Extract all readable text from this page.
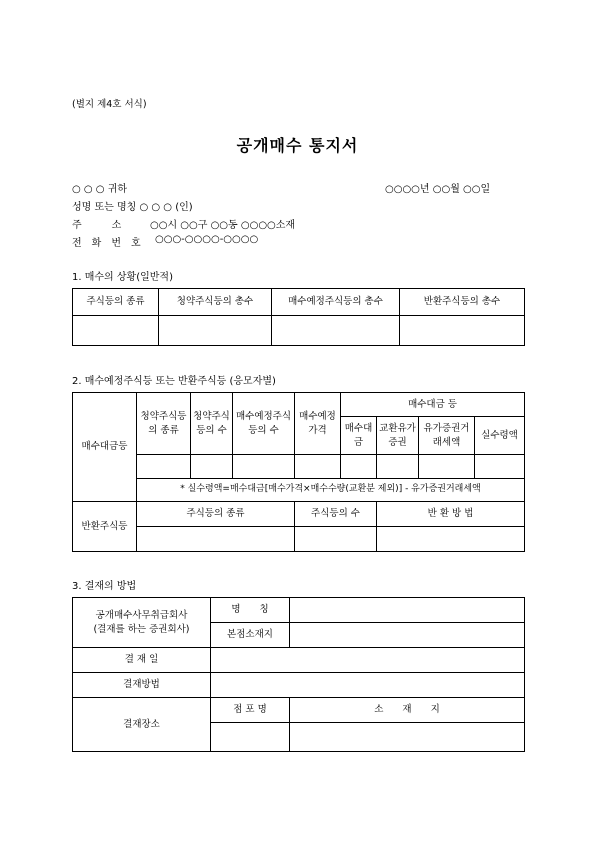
(별지 제4호 서식)
공개매수 통지서
○ ○ ○ 귀하	○○○○년 ○○월 ○○일
성명 또는 명칭 ○ ○ ○ (인)
주　　　소	○○시 ○○구 ○○동 ○○○○소재
전　화　번　호 ○○○-○○○○-○○○○
1. 매수의 상황(일반적)
주식등의 종류	청약주식등의 총수	매수예정주식등의 총수	반환주식등의 총수

2. 매수예정주식등 또는 반환주식등 (응모자별)
매수대금등	청약주식등의 종류	청약주식등의 수	매수예정주식등의 수	매수예정가격	매수대금 등			
					매수대금	교환유가증권	유가증권거래세액	실수령액

	* 실수령액=매수대금[매수가격×매수수량(교환분 제외)] - 유가증권거래세액							
반환주식등	주식등의 종류			주식등의 수		반 환 방 법		

3. 결재의 방법
공개매수사무취급회사
(결재를 하는 증권회사)	명　　칭	
	본점소재지	
결 재 일		
결재방법		
결재장소	점 포 명	소　　재　　지
